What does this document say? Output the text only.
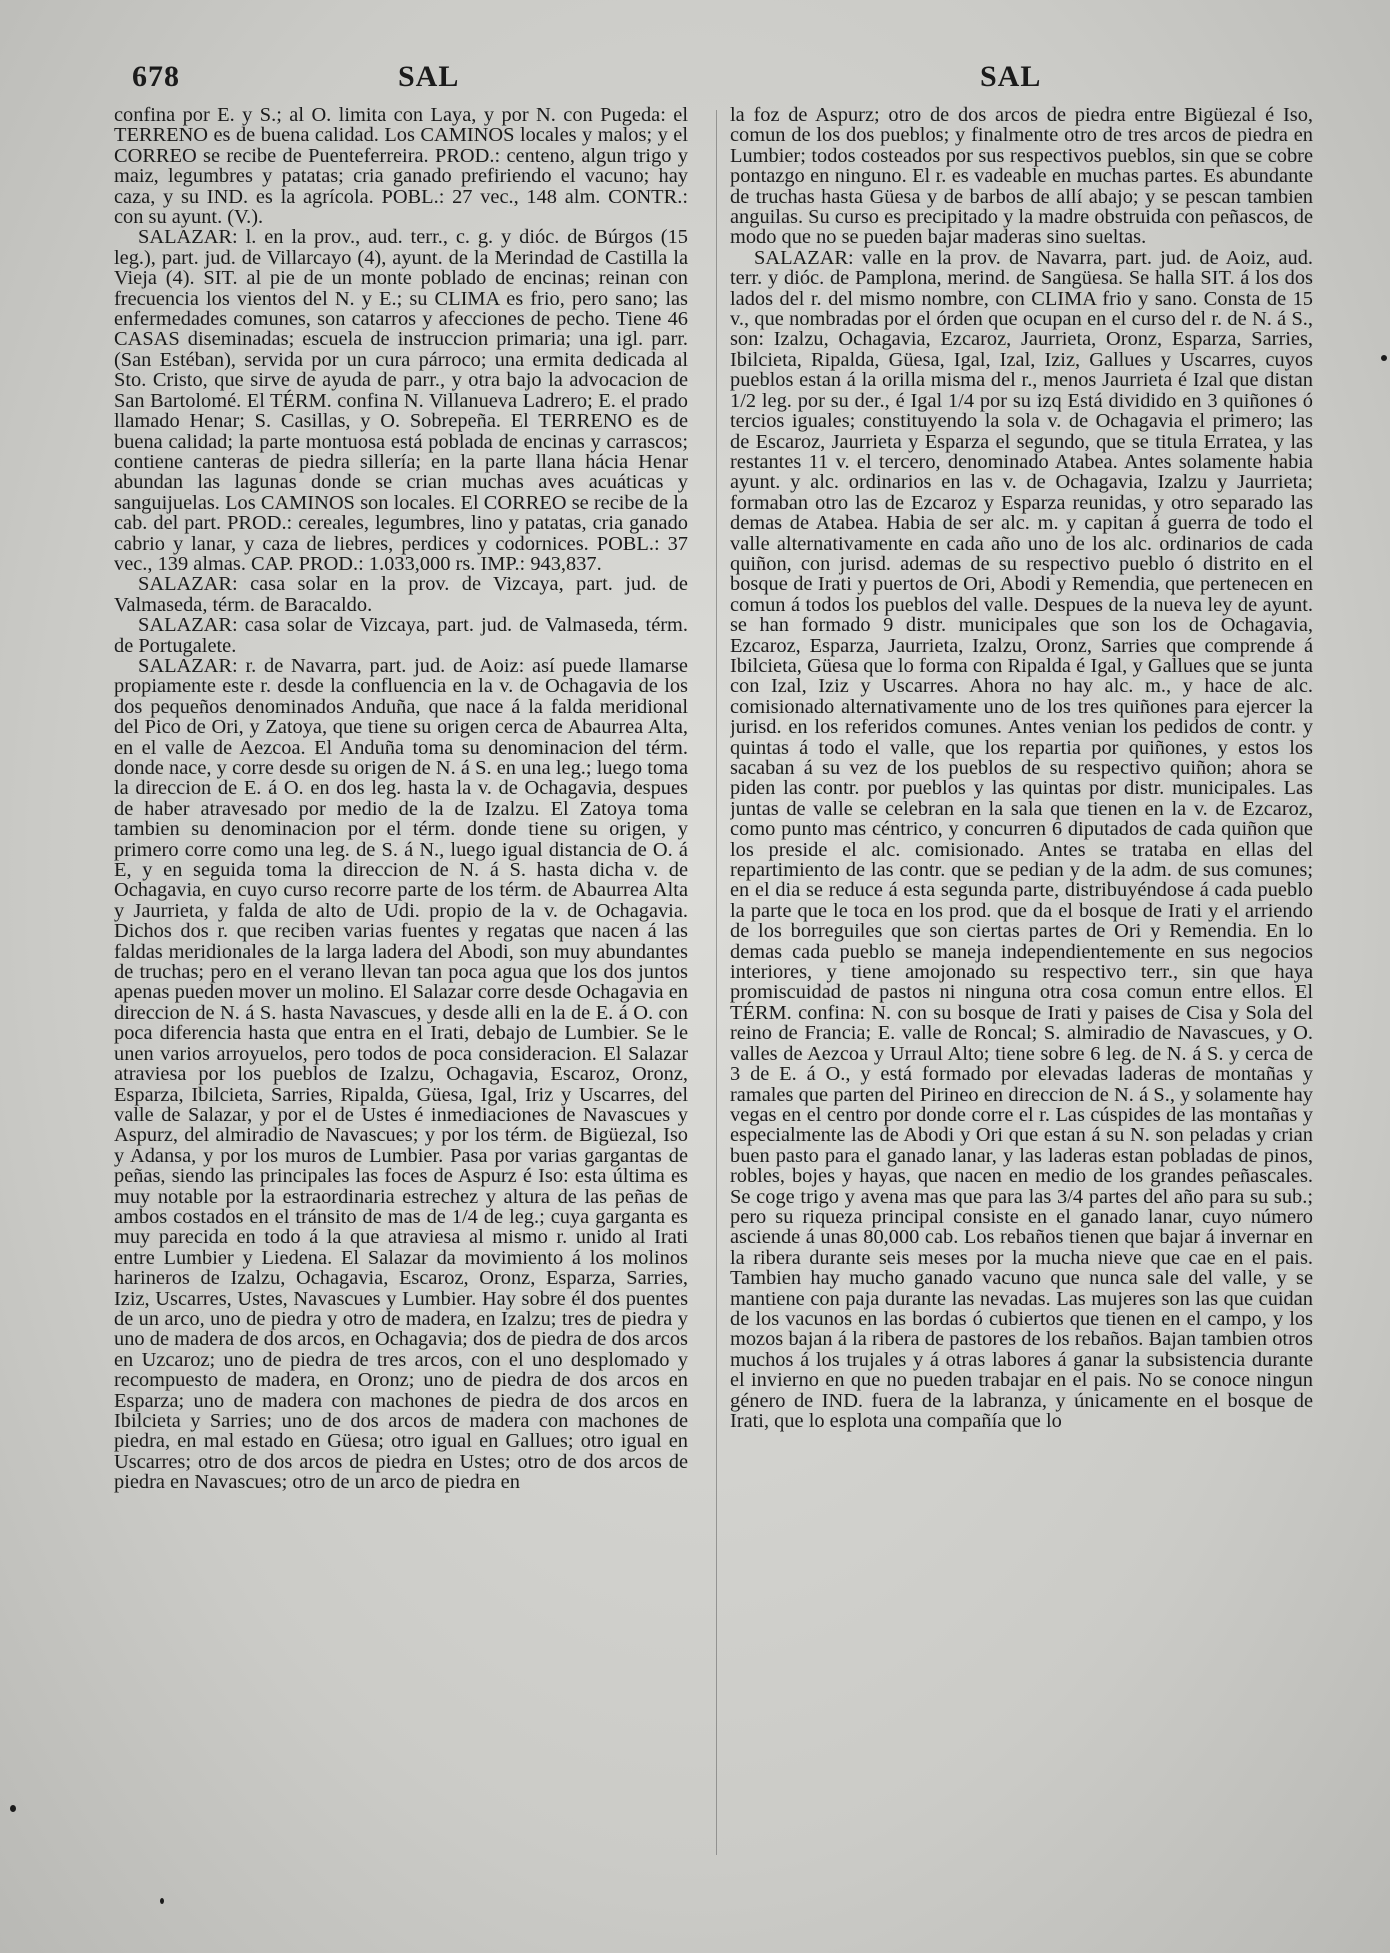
678	SAL	SAL

confina por E. y S.; al O. limita con Laya, y por N. con Pugeda: el TERRENO es de buena calidad. Los CAMINOS locales y malos; y el CORREO se recibe de Puenteferreira. PROD.: centeno, algun trigo y maiz, legumbres y patatas; cria ganado prefiriendo el vacuno; hay caza, y su IND. es la agrícola. POBL.: 27 vec., 148 alm. CONTR.: con su ayunt. (V.).

SALAZAR: l. en la prov., aud. terr., c. g. y dióc. de Búrgos (15 leg.), part. jud. de Villarcayo (4), ayunt. de la Merindad de Castilla la Vieja (4). SIT. al pie de un monte poblado de encinas; reinan con frecuencia los vientos del N. y E.; su CLIMA es frio, pero sano; las enfermedades comunes, son catarros y afecciones de pecho. Tiene 46 CASAS diseminadas; escuela de instruccion primaria; una igl. parr. (San Estéban), servida por un cura párroco; una ermita dedicada al Sto. Cristo, que sirve de ayuda de parr., y otra bajo la advocacion de San Bartolomé. El TÉRM. confina N. Villanueva Ladrero; E. el prado llamado Henar; S. Casillas, y O. Sobrepeña. El TERRENO es de buena calidad; la parte montuosa está poblada de encinas y carrascos; contiene canteras de piedra sillería; en la parte llana hácia Henar abundan las lagunas donde se crian muchas aves acuáticas y sanguijuelas. Los CAMINOS son locales. El CORREO se recibe de la cab. del part. PROD.: cereales, legumbres, lino y patatas, cria ganado cabrio y lanar, y caza de liebres, perdices y codornices. POBL.: 37 vec., 139 almas. CAP. PROD.: 1.033,000 rs. IMP.: 943,837.

SALAZAR: casa solar en la prov. de Vizcaya, part. jud. de Valmaseda, térm. de Baracaldo.

SALAZAR: casa solar de Vizcaya, part. jud. de Valmaseda, térm. de Portugalete.

SALAZAR: r. de Navarra, part. jud. de Aoiz: así puede llamarse propiamente este r. desde la confluencia en la v. de Ochagavia de los dos pequeños denominados Anduña, que nace á la falda meridional del Pico de Ori, y Zatoya, que tiene su origen cerca de Abaurrea Alta, en el valle de Aezcoa. El Anduña toma su denominacion del térm. donde nace, y corre desde su origen de N. á S. en una leg.; luego toma la direccion de E. á O. en dos leg. hasta la v. de Ochagavia, despues de haber atravesado por medio de la de Izalzu. El Zatoya toma tambien su denominacion por el térm. donde tiene su origen, y primero corre como una leg. de S. á N., luego igual distancia de O. á E, y en seguida toma la direccion de N. á S. hasta dicha v. de Ochagavia, en cuyo curso recorre parte de los térm. de Abaurrea Alta y Jaurrieta, y falda de alto de Udi. propio de la v. de Ochagavia. Dichos dos r. que reciben varias fuentes y regatas que nacen á las faldas meridionales de la larga ladera del Abodi, son muy abundantes de truchas; pero en el verano llevan tan poca agua que los dos juntos apenas pueden mover un molino. El Salazar corre desde Ochagavia en direccion de N. á S. hasta Navascues, y desde alli en la de E. á O. con poca diferencia hasta que entra en el Irati, debajo de Lumbier. Se le unen varios arroyuelos, pero todos de poca consideracion. El Salazar atraviesa por los pueblos de Izalzu, Ochagavia, Escaroz, Oronz, Esparza, Ibilcieta, Sarries, Ripalda, Güesa, Igal, Iriz y Uscarres, del valle de Salazar, y por el de Ustes é inmediaciones de Navascues y Aspurz, del almiradio de Navascues; y por los térm. de Bigüezal, Iso y Adansa, y por los muros de Lumbier. Pasa por varias gargantas de peñas, siendo las principales las foces de Aspurz é Iso: esta última es muy notable por la estraordinaria estrechez y altura de las peñas de ambos costados en el tránsito de mas de 1/4 de leg.; cuya garganta es muy parecida en todo á la que atraviesa al mismo r. unido al Irati entre Lumbier y Liedena. El Salazar da movimiento á los molinos harineros de Izalzu, Ochagavia, Escaroz, Oronz, Esparza, Sarries, Iziz, Uscarres, Ustes, Navascues y Lumbier. Hay sobre él dos puentes de un arco, uno de piedra y otro de madera, en Izalzu; tres de piedra y uno de madera de dos arcos, en Ochagavia; dos de piedra de dos arcos en Uzcaroz; uno de piedra de tres arcos, con el uno desplomado y recompuesto de madera, en Oronz; uno de piedra de dos arcos en Esparza; uno de madera con machones de piedra de dos arcos en Ibilcieta y Sarries; uno de dos arcos de madera con machones de piedra, en mal estado en Güesa; otro igual en Gallues; otro igual en Uscarres; otro de dos arcos de piedra en Ustes; otro de dos arcos de piedra en Navascues; otro de un arco de piedra en

la foz de Aspurz; otro de dos arcos de piedra entre Bigüezal é Iso, comun de los dos pueblos; y finalmente otro de tres arcos de piedra en Lumbier; todos costeados por sus respectivos pueblos, sin que se cobre pontazgo en ninguno. El r. es vadeable en muchas partes. Es abundante de truchas hasta Güesa y de barbos de allí abajo; y se pescan tambien anguilas. Su curso es precipitado y la madre obstruida con peñascos, de modo que no se pueden bajar maderas sino sueltas.

SALAZAR: valle en la prov. de Navarra, part. jud. de Aoiz, aud. terr. y dióc. de Pamplona, merind. de Sangüesa. Se halla SIT. á los dos lados del r. del mismo nombre, con CLIMA frio y sano. Consta de 15 v., que nombradas por el órden que ocupan en el curso del r. de N. á S., son: Izalzu, Ochagavia, Ezcaroz, Jaurrieta, Oronz, Esparza, Sarries, Ibilcieta, Ripalda, Güesa, Igal, Izal, Iziz, Gallues y Uscarres, cuyos pueblos estan á la orilla misma del r., menos Jaurrieta é Izal que distan 1/2 leg. por su der., é Igal 1/4 por su izq Está dividido en 3 quiñones ó tercios iguales; constituyendo la sola v. de Ochagavia el primero; las de Escaroz, Jaurrieta y Esparza el segundo, que se titula Erratea, y las restantes 11 v. el tercero, denominado Atabea. Antes solamente habia ayunt. y alc. ordinarios en las v. de Ochagavia, Izalzu y Jaurrieta; formaban otro las de Ezcaroz y Esparza reunidas, y otro separado las demas de Atabea. Habia de ser alc. m. y capitan á guerra de todo el valle alternativamente en cada año uno de los alc. ordinarios de cada quiñon, con jurisd. ademas de su respectivo pueblo ó distrito en el bosque de Irati y puertos de Ori, Abodi y Remendia, que pertenecen en comun á todos los pueblos del valle. Despues de la nueva ley de ayunt. se han formado 9 distr. municipales que son los de Ochagavia, Ezcaroz, Esparza, Jaurrieta, Izalzu, Oronz, Sarries que comprende á Ibilcieta, Güesa que lo forma con Ripalda é Igal, y Gallues que se junta con Izal, Iziz y Uscarres. Ahora no hay alc. m., y hace de alc. comisionado alternativamente uno de los tres quiñones para ejercer la jurisd. en los referidos comunes. Antes venian los pedidos de contr. y quintas á todo el valle, que los repartia por quiñones, y estos los sacaban á su vez de los pueblos de su respectivo quiñon; ahora se piden las contr. por pueblos y las quintas por distr. municipales. Las juntas de valle se celebran en la sala que tienen en la v. de Ezcaroz, como punto mas céntrico, y concurren 6 diputados de cada quiñon que los preside el alc. comisionado. Antes se trataba en ellas del repartimiento de las contr. que se pedian y de la adm. de sus comunes; en el dia se reduce á esta segunda parte, distribuyéndose á cada pueblo la parte que le toca en los prod. que da el bosque de Irati y el arriendo de los borreguiles que son ciertas partes de Ori y Remendia. En lo demas cada pueblo se maneja independientemente en sus negocios interiores, y tiene amojonado su respectivo terr., sin que haya promiscuidad de pastos ni ninguna otra cosa comun entre ellos. El TÉRM. confina: N. con su bosque de Irati y paises de Cisa y Sola del reino de Francia; E. valle de Roncal; S. almiradio de Navascues, y O. valles de Aezcoa y Urraul Alto; tiene sobre 6 leg. de N. á S. y cerca de 3 de E. á O., y está formado por elevadas laderas de montañas y ramales que parten del Pirineo en direccion de N. á S., y solamente hay vegas en el centro por donde corre el r. Las cúspides de las montañas y especialmente las de Abodi y Ori que estan á su N. son peladas y crian buen pasto para el ganado lanar, y las laderas estan pobladas de pinos, robles, bojes y hayas, que nacen en medio de los grandes peñascales. Se coge trigo y avena mas que para las 3/4 partes del año para su sub.; pero su riqueza principal consiste en el ganado lanar, cuyo número asciende á unas 80,000 cab. Los rebaños tienen que bajar á invernar en la ribera durante seis meses por la mucha nieve que cae en el pais. Tambien hay mucho ganado vacuno que nunca sale del valle, y se mantiene con paja durante las nevadas. Las mujeres son las que cuidan de los vacunos en las bordas ó cubiertos que tienen en el campo, y los mozos bajan á la ribera de pastores de los rebaños. Bajan tambien otros muchos á los trujales y á otras labores á ganar la subsistencia durante el invierno en que no pueden trabajar en el pais. No se conoce ningun género de IND. fuera de la labranza, y únicamente en el bosque de Irati, que lo esplota una compañía que lo
